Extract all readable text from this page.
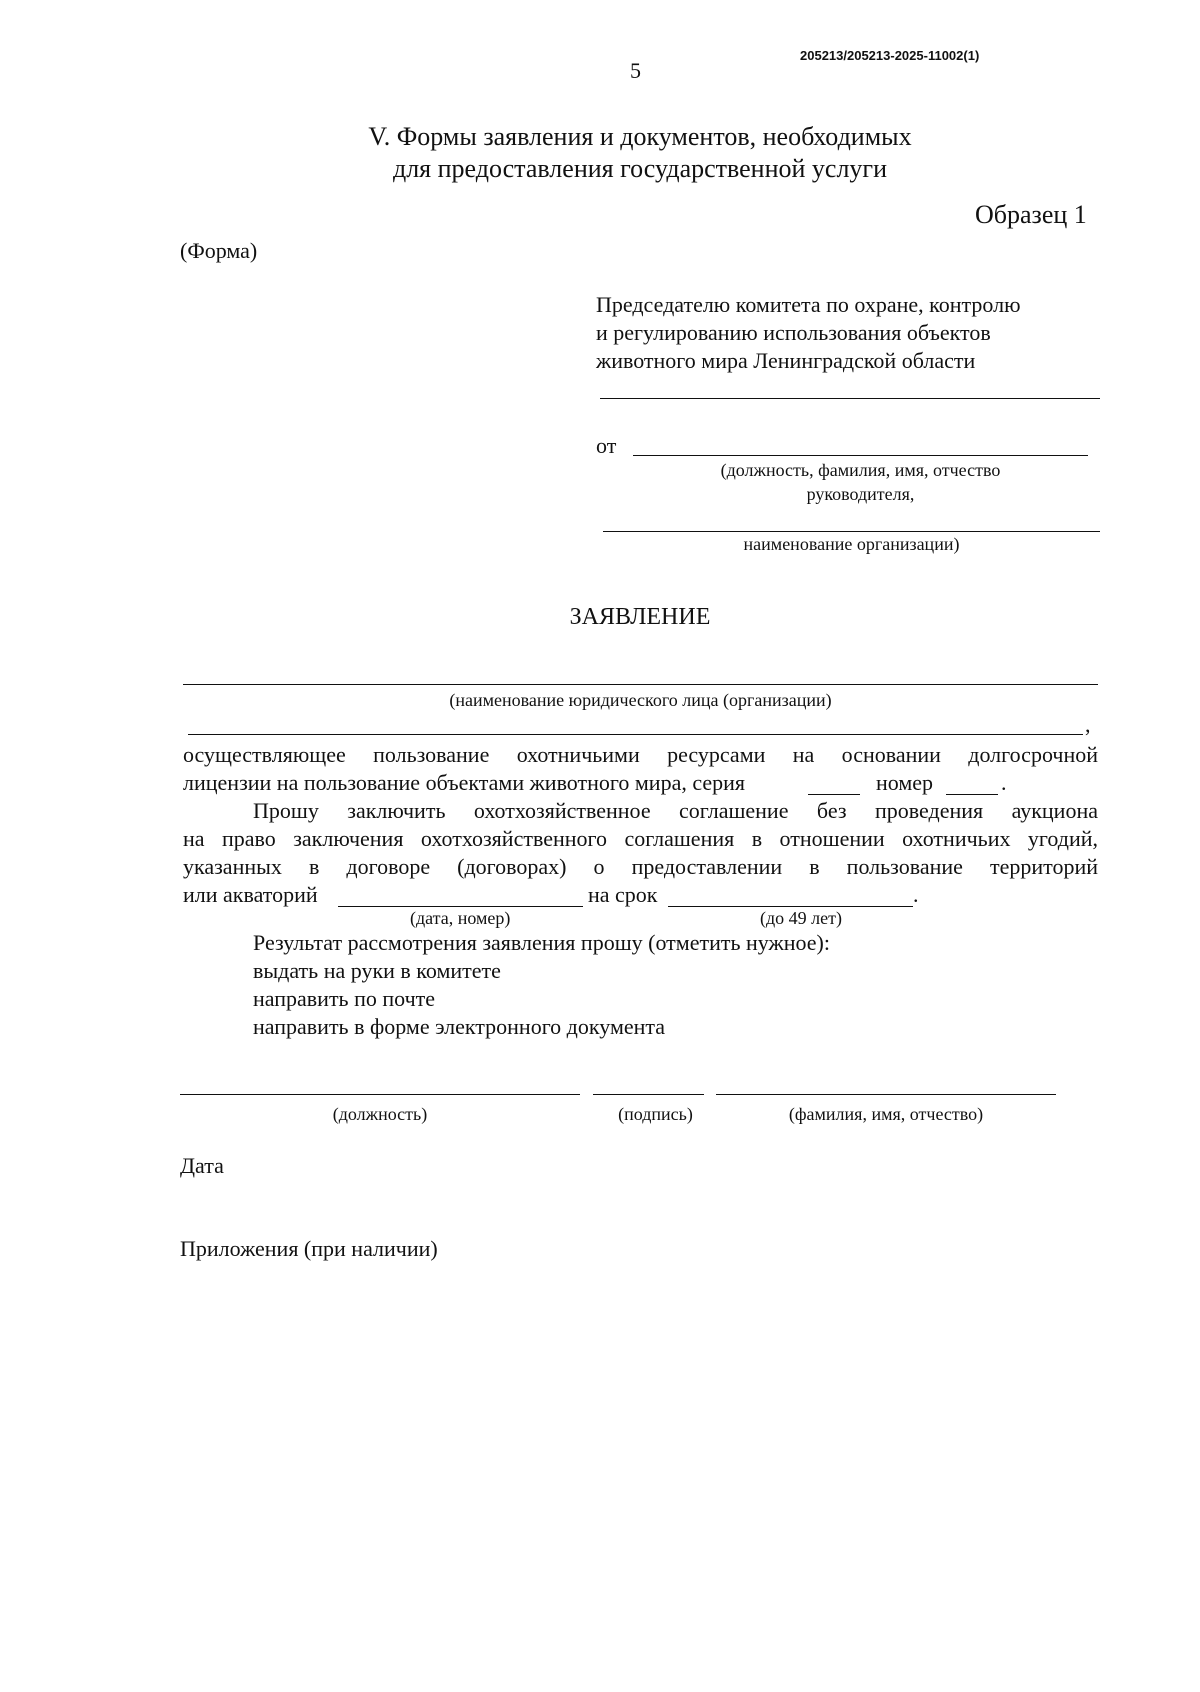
205213/205213-2025-11002(1)
5
V. Формы заявления и документов, необходимых
для предоставления государственной услуги
Образец 1
(Форма)
Председателю комитета по охране, контролю
и регулированию использования объектов
животного мира Ленинградской области
от
(должность, фамилия, имя, отчество
руководителя,
наименование организации)
ЗАЯВЛЕНИЕ
(наименование юридического лица (организации)
,
осуществляющее пользование охотничьими ресурсами на основании долгосрочной
лицензии на пользование объектами животного мира, серия	номер	.
Прошу заключить охотхозяйственное соглашение без проведения аукциона
на право заключения охотхозяйственного соглашения в отношении охотничьих угодий,
указанных в договоре (договорах) о предоставлении в пользование территорий
или акваторий	на срок	.
(дата, номер)	(до 49 лет)
Результат рассмотрения заявления прошу (отметить нужное):
выдать на руки в комитете
направить по почте
направить в форме электронного документа
(должность)	(подпись)	(фамилия, имя, отчество)
Дата
Приложения (при наличии)
